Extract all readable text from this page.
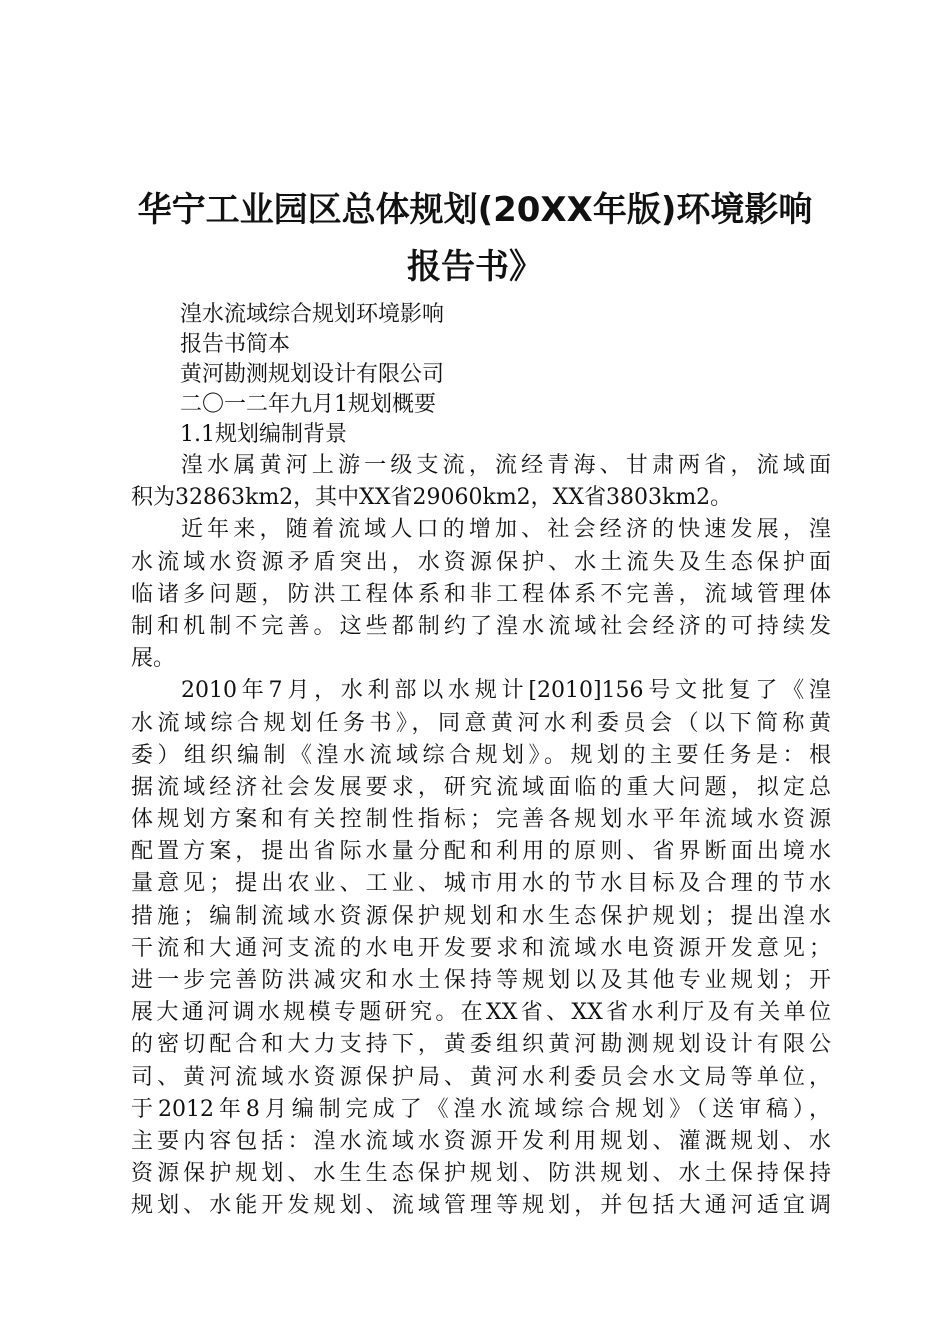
华宁工业园区总体规划(20XX年版)环境影响
报告书》
湟水流域综合规划环境影响
报告书简本
黄河勘测规划设计有限公司
二〇一二年九月1规划概要
1.1规划编制背景
湟水属黄河上游一级支流，流经青海、甘肃两省，流域面
积为32863km2，其中XX省29060km2，XX省3803km2。
近年来，随着流域人口的增加、社会经济的快速发展，湟
水流域水资源矛盾突出，水资源保护、水土流失及生态保护面
临诸多问题，防洪工程体系和非工程体系不完善，流域管理体
制和机制不完善。这些都制约了湟水流域社会经济的可持续发
展。
2010年7月，水利部以水规计[2010]156号文批复了《湟
水流域综合规划任务书》，同意黄河水利委员会（以下简称黄
委）组织编制《湟水流域综合规划》。规划的主要任务是：根
据流域经济社会发展要求，研究流域面临的重大问题，拟定总
体规划方案和有关控制性指标；完善各规划水平年流域水资源
配置方案，提出省际水量分配和利用的原则、省界断面出境水
量意见；提出农业、工业、城市用水的节水目标及合理的节水
措施；编制流域水资源保护规划和水生态保护规划；提出湟水
干流和大通河支流的水电开发要求和流域水电资源开发意见；
进一步完善防洪减灾和水土保持等规划以及其他专业规划；开
展大通河调水规模专题研究。在XX省、XX省水利厅及有关单位
的密切配合和大力支持下，黄委组织黄河勘测规划设计有限公
司、黄河流域水资源保护局、黄河水利委员会水文局等单位，
于2012年8月编制完成了《湟水流域综合规划》（送审稿），
主要内容包括：湟水流域水资源开发利用规划、灌溉规划、水
资源保护规划、水生生态保护规划、防洪规划、水土保持保持
规划、水能开发规划、流域管理等规划，并包括大通河适宜调
